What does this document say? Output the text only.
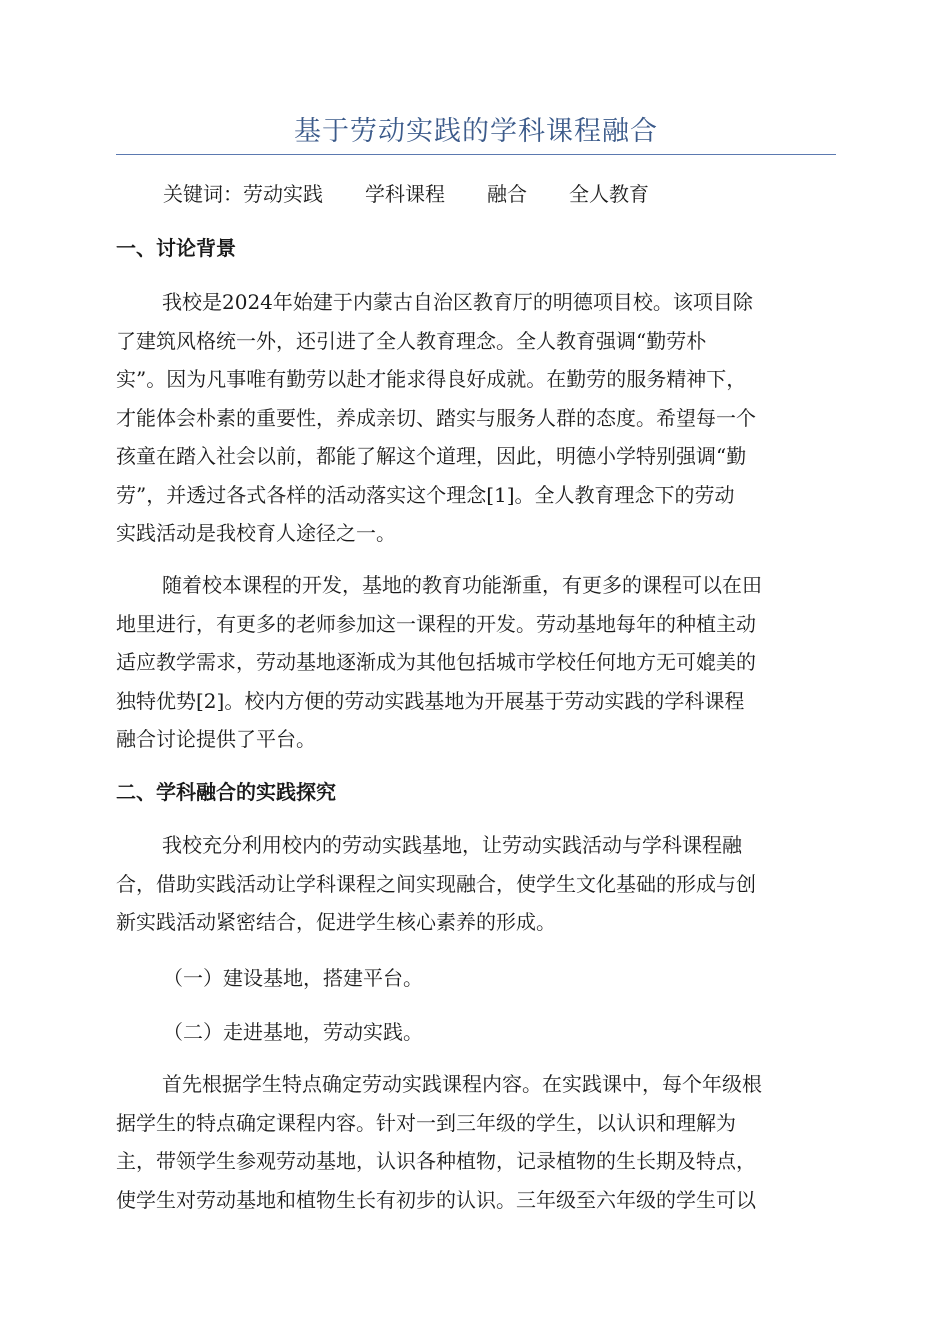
基于劳动实践的学科课程融合
关键词：劳动实践 学科课程 融合 全人教育
一、讨论背景
我校是2024年始建于内蒙古自治区教育厅的明德项目校。该项目除
了建筑风格统一外，还引进了全人教育理念。全人教育强调“勤劳朴
实”。因为凡事唯有勤劳以赴才能求得良好成就。在勤劳的服务精神下，
才能体会朴素的重要性，养成亲切、踏实与服务人群的态度。希望每一个
孩童在踏入社会以前，都能了解这个道理，因此，明德小学特别强调“勤
劳”，并透过各式各样的活动落实这个理念[1]。全人教育理念下的劳动
实践活动是我校育人途径之一。
随着校本课程的开发，基地的教育功能渐重，有更多的课程可以在田
地里进行，有更多的老师参加这一课程的开发。劳动基地每年的种植主动
适应教学需求，劳动基地逐渐成为其他包括城市学校任何地方无可媲美的
独特优势[2]。校内方便的劳动实践基地为开展基于劳动实践的学科课程
融合讨论提供了平台。
二、学科融合的实践探究
我校充分利用校内的劳动实践基地，让劳动实践活动与学科课程融
合，借助实践活动让学科课程之间实现融合，使学生文化基础的形成与创
新实践活动紧密结合，促进学生核心素养的形成。
（一）建设基地，搭建平台。
（二）走进基地，劳动实践。
首先根据学生特点确定劳动实践课程内容。在实践课中，每个年级根
据学生的特点确定课程内容。针对一到三年级的学生，以认识和理解为
主，带领学生参观劳动基地，认识各种植物，记录植物的生长期及特点，
使学生对劳动基地和植物生长有初步的认识。三年级至六年级的学生可以
